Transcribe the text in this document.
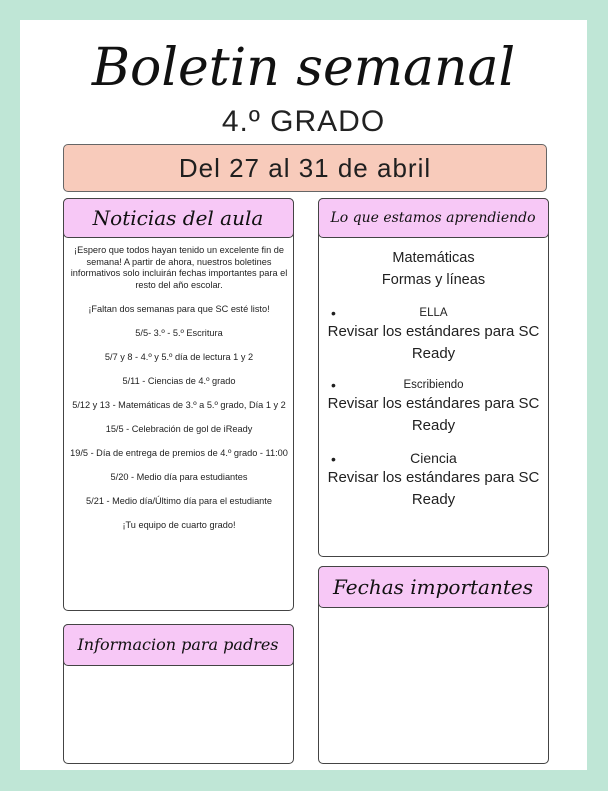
Boletin semanal
4.º GRADO
Del 27 al 31 de abril
Noticias del aula

¡Espero que todos hayan tenido un excelente fin de semana! A partir de ahora, nuestros boletines informativos solo incluirán fechas importantes para el resto del año escolar.

¡Faltan dos semanas para que SC esté listo!

5/5- 3.º - 5.º Escritura

5/7 y 8 - 4.º y 5.º día de lectura 1 y 2

5/11 - Ciencias de 4.º grado

5/12 y 13 - Matemáticas de 3.º a 5.º grado, Día 1 y 2

15/5 - Celebración de gol de iReady

19/5 - Día de entrega de premios de 4.º grado - 11:00

5/20 - Medio día para estudiantes

5/21 - Medio día/Último día para el estudiante

¡Tu equipo de cuarto grado!

Lo que estamos aprendiendo
Matemáticas
Formas y líneas
•	ELLA
Revisar los estándares para SC Ready
•	Escribiendo
Revisar los estándares para SC Ready
•	Ciencia
Revisar los estándares para SC Ready
Informacion para padres
Fechas importantes
